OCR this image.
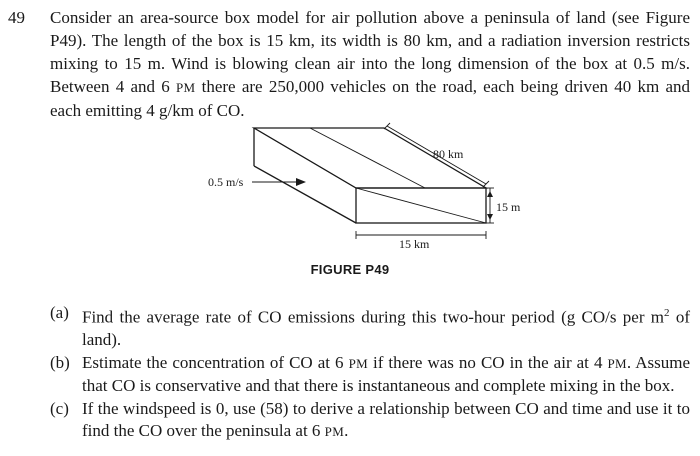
49 Consider an area-source box model for air pollution above a peninsula of land (see Figure P49). The length of the box is 15 km, its width is 80 km, and a radiation inversion restricts mixing to 15 m. Wind is blowing clean air into the long dimension of the box at 0.5 m/s. Between 4 and 6 PM there are 250,000 vehicles on the road, each being driven 40 km and each emitting 4 g/km of CO.

80 km
15 m
15 km
0.5 m/s
FIGURE P49
(a) Find the average rate of CO emissions during this two-hour period (g CO/s per $m^2$ of land).
(b) Estimate the concentration of CO at 6 PM if there was no CO in the air at 4 PM. Assume that CO is conservative and that there is instantaneous and complete mixing in the box.
(c) If the windspeed is 0, use (58) to derive a relationship between CO and time and use it to find the CO over the peninsula at 6 PM.
